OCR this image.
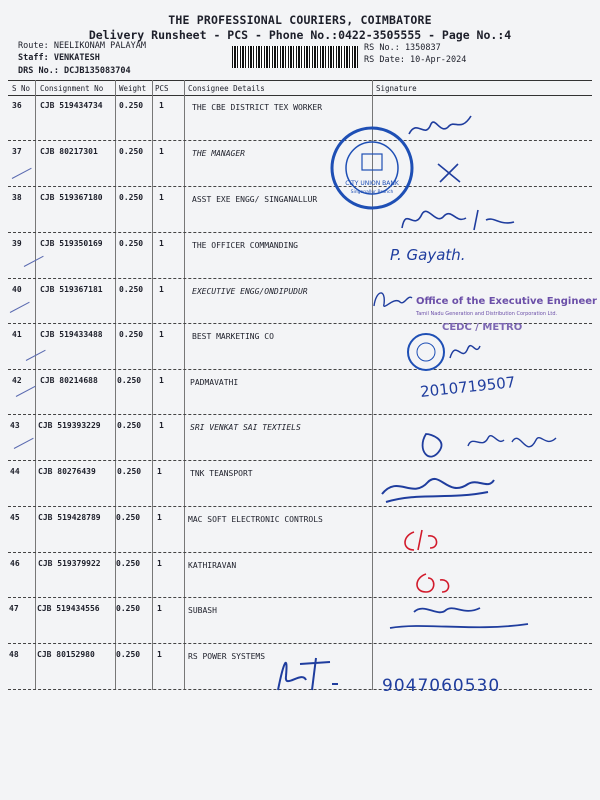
THE PROFESSIONAL COURIERS, COIMBATORE
Delivery Runsheet - PCS - Phone No.:0422-3505555 - Page No.:4
Route: NEELIKONAM PALAYAM
Staff: VENKATESH
DRS No.: DCJB135083704
RS No.: 1350837
RS Date: 10-Apr-2024
S No Consignment No Weight PCS	Consignee Details	Signature
36 CJB 519434734 0.250 1	THE CBE DISTRICT TEX WORKER
37 CJB 80217301	0.250 1	THE MANAGER
38 CJB 519367180 0.250 1	ASST EXE ENGG/ SINGANALLUR
39 CJB 519350169 0.250 1	THE OFFICER COMMANDING
40 CJB 519367181 0.250 1	EXECUTIVE ENGG/ONDIPUDUR
41 CJB 519433488 0.250 1	BEST MARKETING CO
42 CJB 80214688 0.250 1	PADMAVATHI
43 CJB 519393229 0.250 1	SRI VENKAT SAI TEXTIELS
44 CJB 80276439	0.250 1	TNK TEANSPORT
45 CJB 519428789 0.250 1	MAC SOFT ELECTRONIC CONTROLS
46 CJB 519379922 0.250 1	KATHIRAVAN
47 CJB 519434556 0.250 1	SUBASH
48 CJB 80152980	0.250 1	RS POWER SYSTEMS
CITY UNION BANK
Singanallur Branch
P. Gayath.
Office of the Executive Engineer
Tamil Nadu Generation and Distribution Corporation Ltd.
CEDC / METRO
2010719507
9047060530
